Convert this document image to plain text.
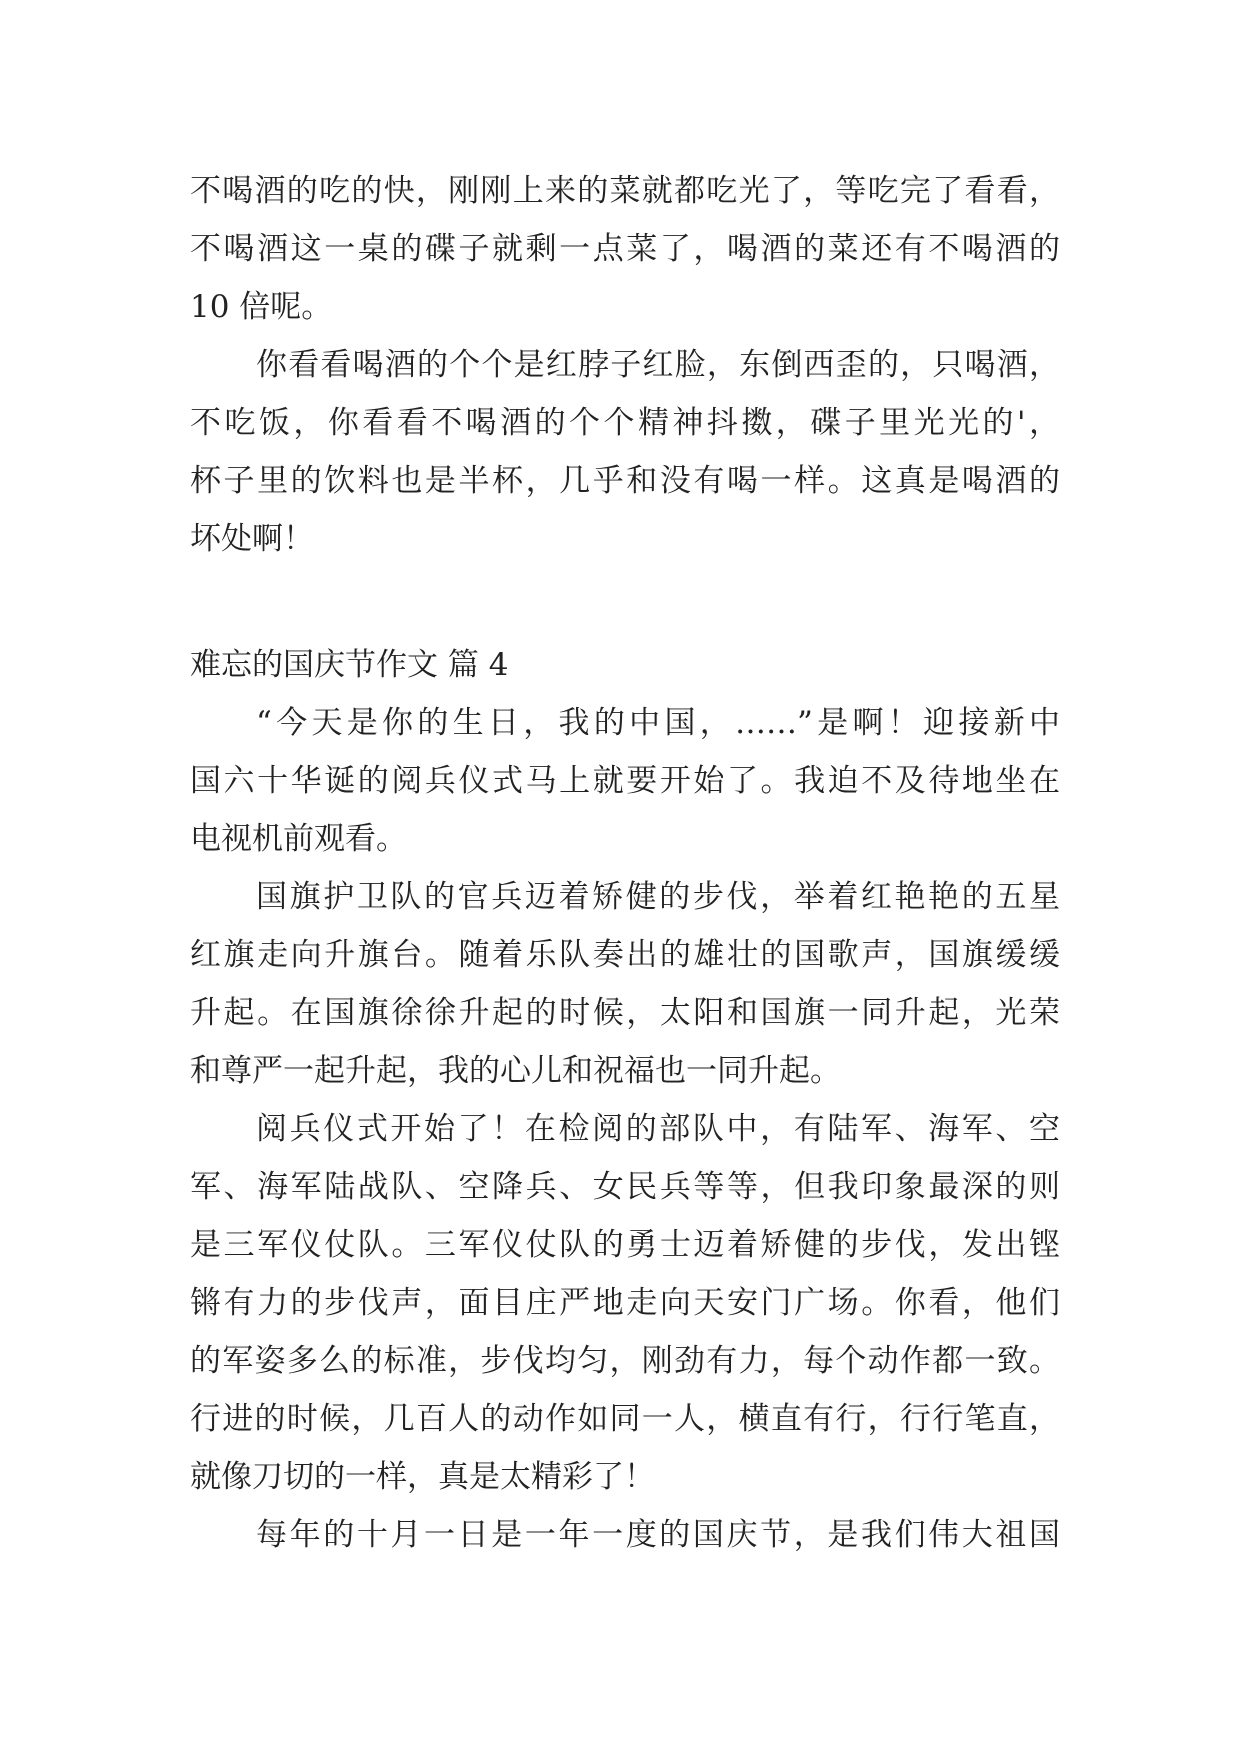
不喝酒的吃的快，刚刚上来的菜就都吃光了，等吃完了看看，
不喝酒这一桌的碟子就剩一点菜了，喝酒的菜还有不喝酒的
10 倍呢。
你看看喝酒的个个是红脖子红脸，东倒西歪的，只喝酒，
不吃饭，你看看不喝酒的个个精神抖擞，碟子里光光的'，
杯子里的饮料也是半杯，几乎和没有喝一样。这真是喝酒的
坏处啊！
难忘的国庆节作文 篇 4
“今天是你的生日，我的中国，……”是啊！迎接新中
国六十华诞的阅兵仪式马上就要开始了。我迫不及待地坐在
电视机前观看。
国旗护卫队的官兵迈着矫健的步伐，举着红艳艳的五星
红旗走向升旗台。随着乐队奏出的雄壮的国歌声，国旗缓缓
升起。在国旗徐徐升起的时候，太阳和国旗一同升起，光荣
和尊严一起升起，我的心儿和祝福也一同升起。
阅兵仪式开始了！在检阅的部队中，有陆军、海军、空
军、海军陆战队、空降兵、女民兵等等，但我印象最深的则
是三军仪仗队。三军仪仗队的勇士迈着矫健的步伐，发出铿
锵有力的步伐声，面目庄严地走向天安门广场。你看，他们
的军姿多么的标准，步伐均匀，刚劲有力，每个动作都一致。
行进的时候，几百人的动作如同一人，横直有行，行行笔直，
就像刀切的一样，真是太精彩了！
每年的十月一日是一年一度的国庆节，是我们伟大祖国
